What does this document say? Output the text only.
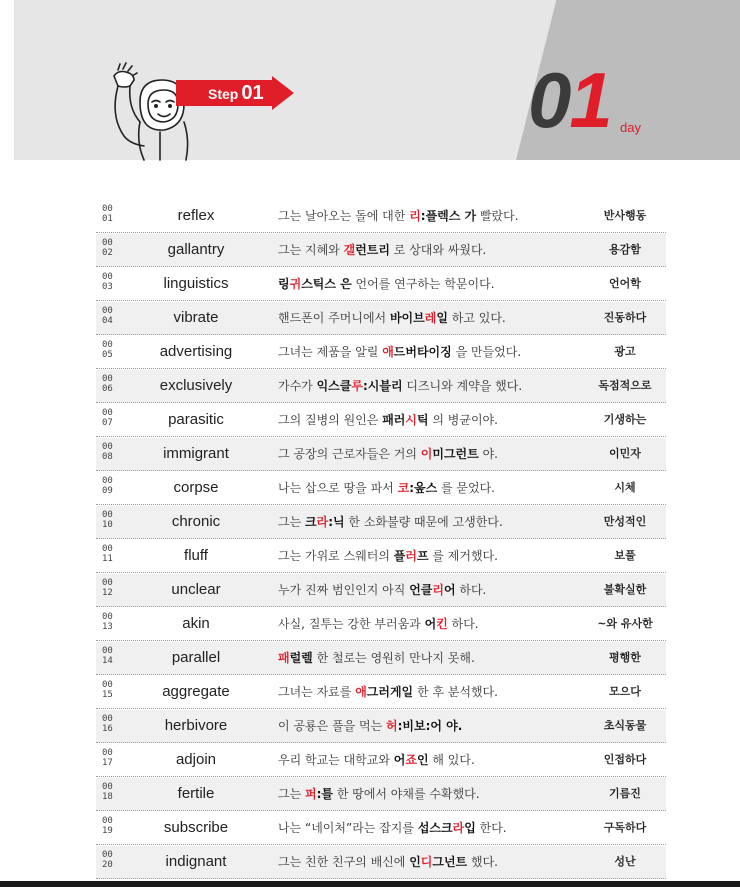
Step 01	01 day
00
01	reflex	그는 날아오는 돌에 대한 리:플렉스 가 빨랐다.	반사행동
00
02	gallantry	그는 지혜와 갤런트리 로 상대와 싸웠다.	용감함
00
03	linguistics	링귀스틱스 은 언어를 연구하는 학문이다.	언어학
00
04	vibrate	핸드폰이 주머니에서 바이브레일 하고 있다.	진동하다
00
05	advertising	그녀는 제품을 알릴 애드버타이징 을 만들었다.	광고
00
06	exclusively	가수가 익스클루:시블리 디즈니와 계약을 했다.	독점적으로
00
07	parasitic	그의 질병의 원인은 패러시틱 의 병균이야.	기생하는
00
08	immigrant	그 공장의 근로자들은 거의 이미그런트 야.	이민자
00
09	corpse	나는 삽으로 땅을 파서 코:웊스 를 묻었다.	시체
00
10	chronic	그는 크라:닉 한 소화불량 때문에 고생한다.	만성적인
00
11	fluff	그는 가위로 스웨터의 플러프 를 제거했다.	보풀
00
12	unclear	누가 진짜 범인인지 아직 언클리어 하다.	불확실한
00
13	akin	사실, 질투는 강한 부러움과 어킨 하다.	~와 유사한
00
14	parallel	패럴렐 한 철로는 영원히 만나지 못해.	평행한
00
15	aggregate	그녀는 자료를 애그러게일 한 후 분석했다.	모으다
00
16	herbivore	이 공룡은 풀을 먹는 허:비보:어 야.	초식동물
00
17	adjoin	우리 학교는 대학교와 어죠인 해 있다.	인접하다
00
18	fertile	그는 퍼:틀 한 땅에서 야채를 수확했다.	기름진
00
19	subscribe	나는 “네이처”라는 잡지를 섭스크라입 한다.	구독하다
00
20	indignant	그는 친한 친구의 배신에 인디그넌트 했다.	성난
